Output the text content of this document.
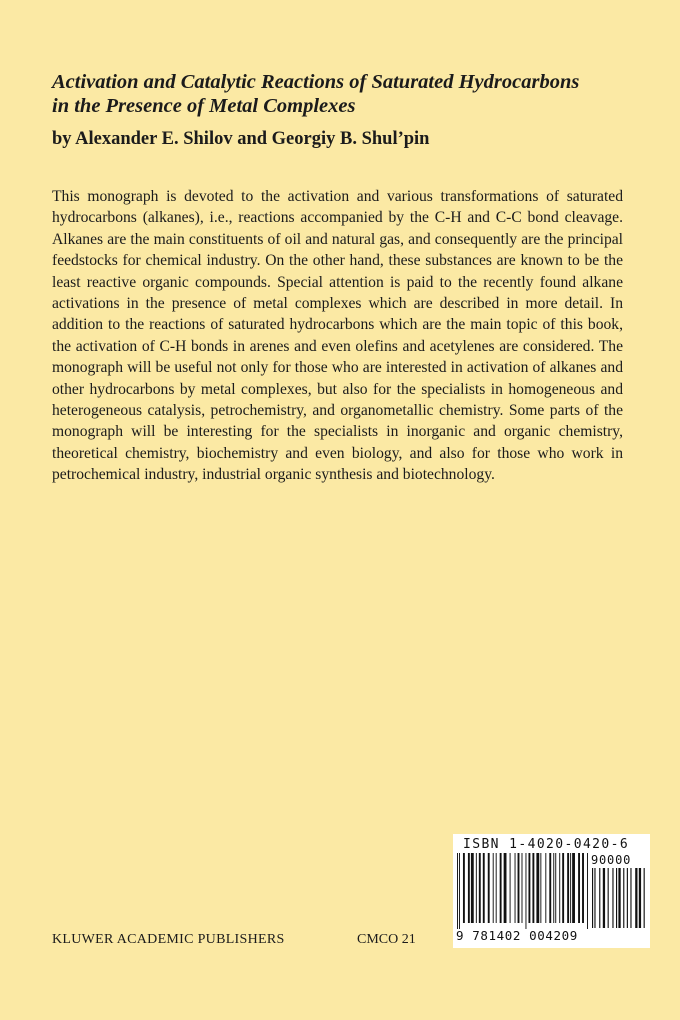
Activation and Catalytic Reactions of Saturated Hydrocarbons
in the Presence of Metal Complexes

by Alexander E. Shilov and Georgiy B. Shul’pin

This monograph is devoted to the activation and various transformations of saturated
hydrocarbons (alkanes), i.e., reactions accompanied by the C-H and C-C bond cleavage.
Alkanes are the main constituents of oil and natural gas, and consequently are the principal
feedstocks for chemical industry. On the other hand, these substances are known to be the
least reactive organic compounds. Special attention is paid to the recently found alkane
activations in the presence of metal complexes which are described in more detail. In
addition to the reactions of saturated hydrocarbons which are the main topic of this book,
the activation of C-H bonds in arenes and even olefins and acetylenes are considered. The
monograph will be useful not only for those who are interested in activation of alkanes and
other hydrocarbons by metal complexes, but also for the specialists in homogeneous and
heterogeneous catalysis, petrochemistry, and organometallic chemistry. Some parts of the
monograph will be interesting for the specialists in inorganic and organic chemistry,
theoretical chemistry, biochemistry and even biology, and also for those who work in
petrochemical industry, industrial organic synthesis and biotechnology.
ISBN 1-4020-0420-6
90000
9 781402 004209
KLUWER ACADEMIC PUBLISHERS	CMCO 21
